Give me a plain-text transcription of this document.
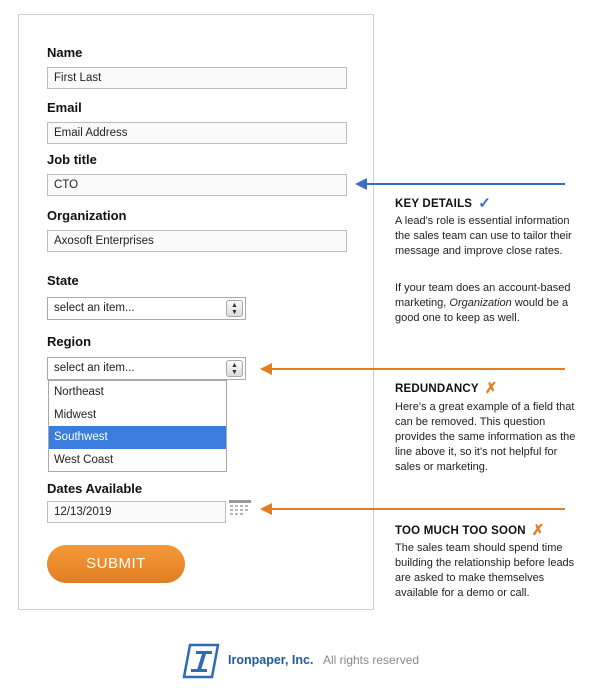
Name
First Last
Email
Email Address
Job title
CTO
Organization
Axosoft Enterprises
State
select an item...	▲
▼
Region
select an item...	▲
▼
Northeast
Midwest
Southwest
West Coast
Dates Available
12/13/2019
SUBMIT
KEY DETAILS ✓
A lead's role is essential information the sales team can use to tailor their message and improve close rates.
If your team does an account-based marketing, Organization would be a good one to keep as well.
REDUNDANCY ✗
Here's a great example of a field that can be removed. This question provides the same information as the line above it, so it's not helpful for sales or marketing.
TOO MUCH TOO SOON ✗
The sales team should spend time building the relationship before leads are asked to make themselves available for a demo or call.
Ironpaper, Inc. All rights reserved
